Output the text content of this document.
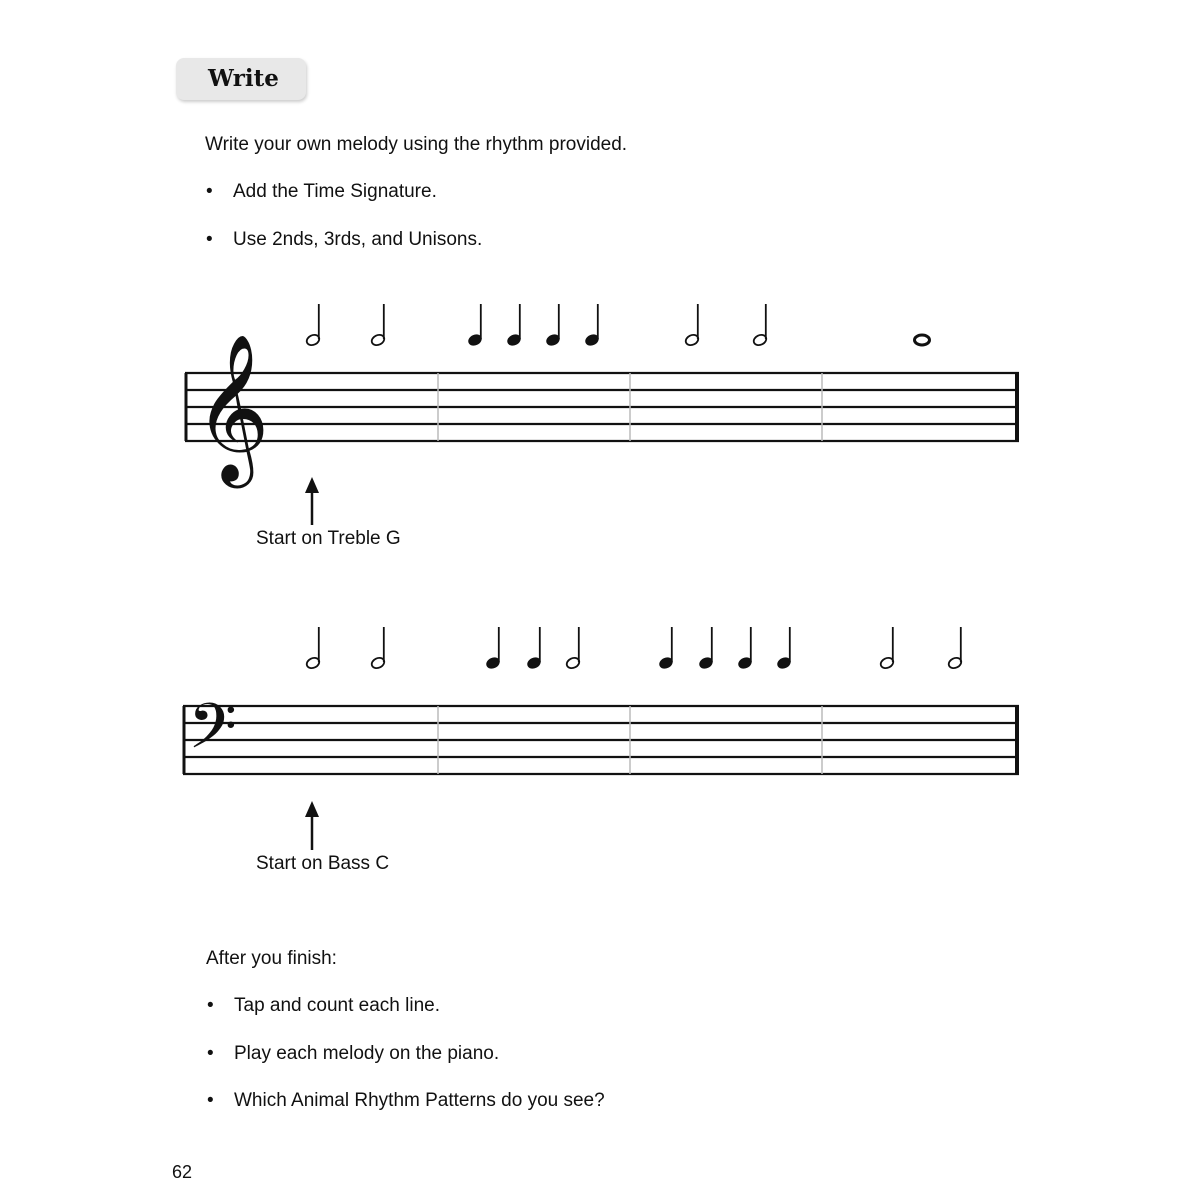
Write
Write your own melody using the rhythm provided.
• Add the Time Signature.
• Use 2nds, 3rds, and Unisons.
𝄞
𝄢
Start on Treble G
Start on Bass C
After you finish:
• Tap and count each line.
• Play each melody on the piano.
• Which Animal Rhythm Patterns do you see?
62
